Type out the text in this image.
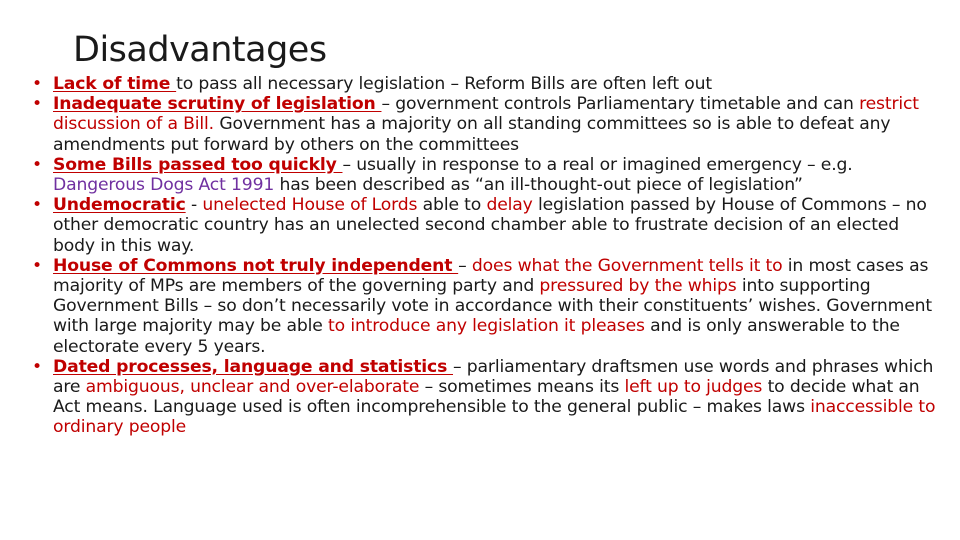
Disadvantages
• Lack of time to pass all necessary legislation – Reform Bills are often left out
• Inadequate scrutiny of legislation – government controls Parliamentary timetable and can restrict discussion of a Bill. Government has a majority on all standing committees so is able to defeat any amendments put forward by others on the committees
• Some Bills passed too quickly – usually in response to a real or imagined emergency – e.g. Dangerous Dogs Act 1991 has been described as “an ill-thought-out piece of legislation”
• Undemocratic - unelected House of Lords able to delay legislation passed by House of Commons – no other democratic country has an unelected second chamber able to frustrate decision of an elected body in this way.
• House of Commons not truly independent – does what the Government tells it to in most cases as majority of MPs are members of the governing party and pressured by the whips into supporting Government Bills – so don’t necessarily vote in accordance with their constituents’ wishes. Government with large majority may be able to introduce any legislation it pleases and is only answerable to the electorate every 5 years.
• Dated processes, language and statistics – parliamentary draftsmen use words and phrases which are ambiguous, unclear and over-elaborate – sometimes means its left up to judges to decide what an Act means. Language used is often incomprehensible to the general public – makes laws inaccessible to ordinary people
